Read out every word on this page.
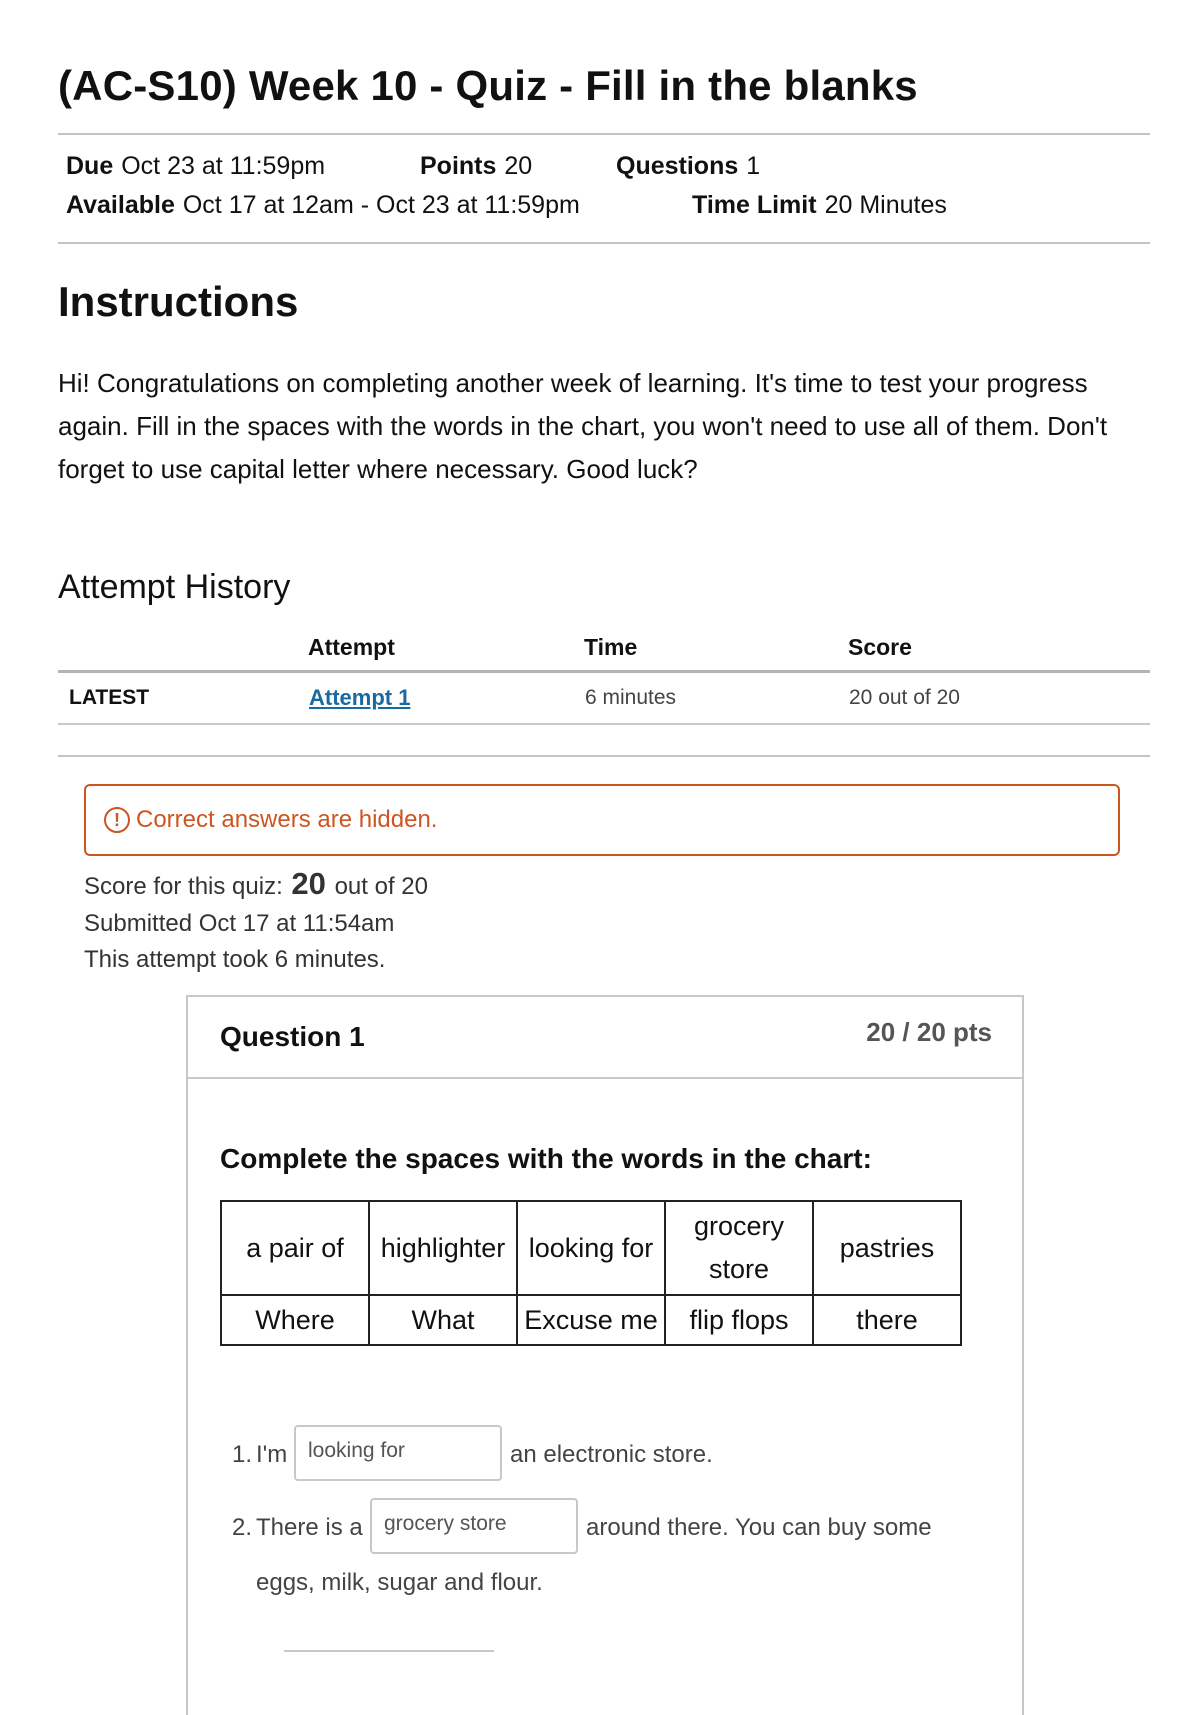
(AC-S10) Week 10 - Quiz - Fill in the blanks
Due Oct 23 at 11:59pm	Points 20	Questions 1
Available Oct 17 at 12am - Oct 23 at 11:59pm	Time Limit 20 Minutes
Instructions

Hi! Congratulations on completing another week of learning. It's time to test your progress again. Fill in the spaces with the words in the chart, you won't need to use all of them. Don't forget to use capital letter where necessary. Good luck?

Attempt History
	Attempt	Time	Score
LATEST	Attempt 1	6 minutes	20 out of 20
! Correct answers are hidden.
Score for this quiz: 20 out of 20
Submitted Oct 17 at 11:54am
This attempt took 6 minutes.
Question 1	20 / 20 pts
Complete the spaces with the words in the chart:
a pair of	highlighter	looking for	grocery store	pastries
Where	What	Excuse me	flip flops	there
1. I'm looking for	an electronic store.
2. There is a	grocery store	around there. You can buy some
eggs, milk, sugar and flour.
